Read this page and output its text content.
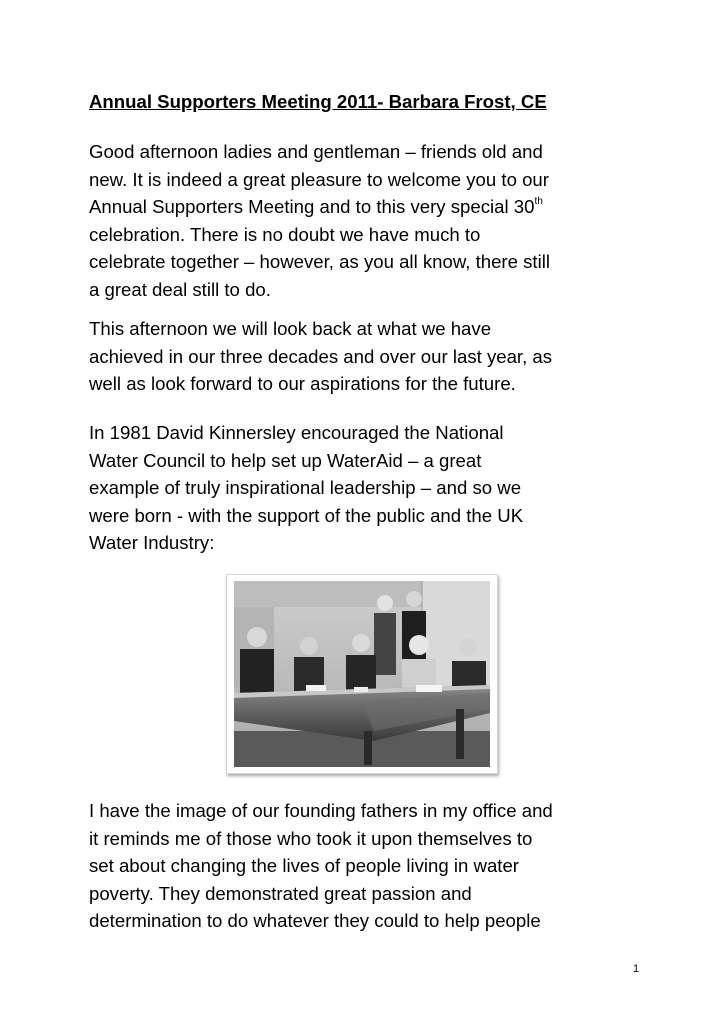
Annual Supporters Meeting 2011- Barbara Frost, CE

Good afternoon ladies and gentleman – friends old and
new. It is indeed a great pleasure to welcome you to our
Annual Supporters Meeting and to this very special 30th
celebration. There is no doubt we have much to
celebrate together – however, as you all know, there still
a great deal still to do.

This afternoon we will look back at what we have
achieved in our three decades and over our last year, as
well as look forward to our aspirations for the future.

In 1981 David Kinnersley encouraged the National
Water Council to help set up WaterAid – a great
example of truly inspirational leadership – and so we
were born - with the support of the public and the UK
Water Industry:

I have the image of our founding fathers in my office and
it reminds me of those who took it upon themselves to
set about changing the lives of people living in water
poverty. They demonstrated great passion and
determination to do whatever they could to help people

1
